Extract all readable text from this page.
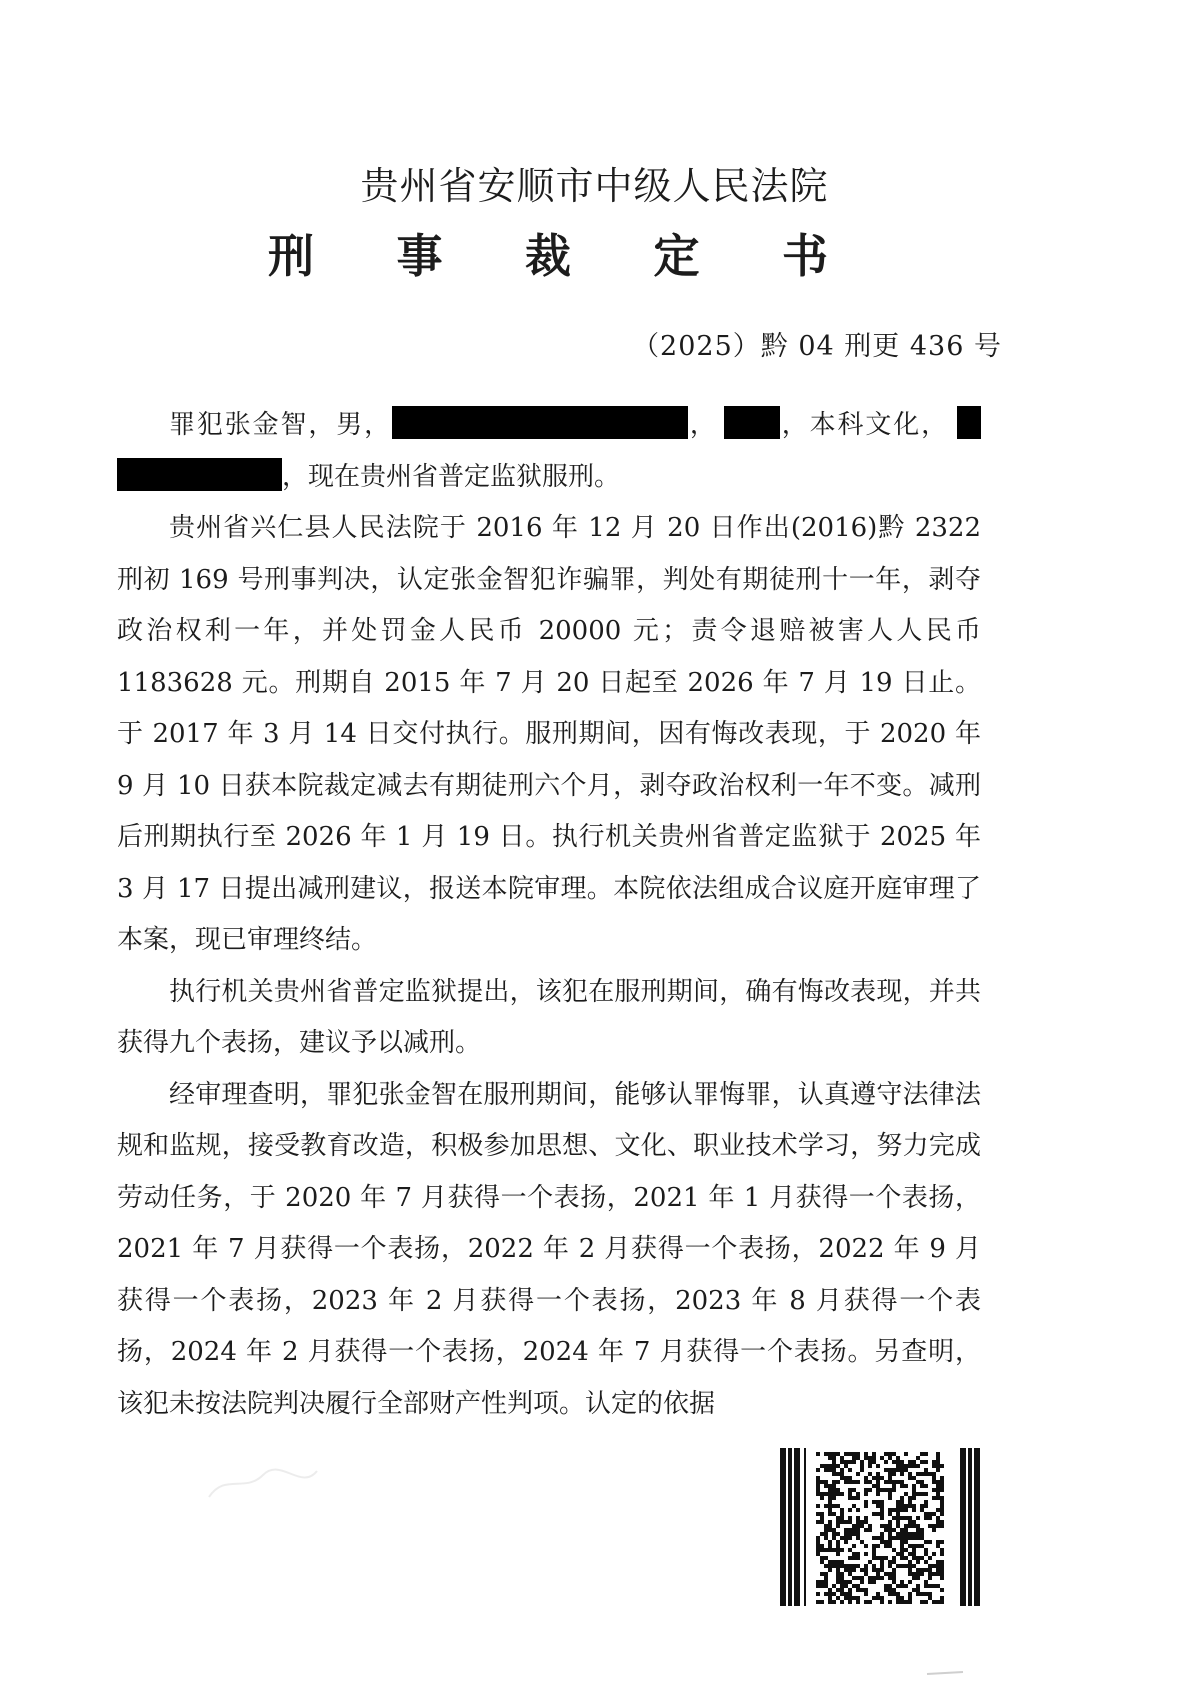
贵州省安顺市中级人民法院
刑 事 裁 定 书
（2025）黔 04 刑更 436 号

罪犯张金智，男，	， ，本科文化，，现在贵州省普定监狱服刑。

贵州省兴仁县人民法院于 2016 年 12 月 20 日作出(2016)黔 2322 刑初 169 号刑事判决，认定张金智犯诈骗罪，判处有期徒刑十一年，剥夺政治权利一年，并处罚金人民币 20000 元；责令退赔被害人人民币 1183628 元。刑期自 2015 年 7 月 20 日起至 2026 年 7 月 19 日止。于 2017 年 3 月 14 日交付执行。服刑期间，因有悔改表现，于 2020 年 9 月 10 日获本院裁定减去有期徒刑六个月，剥夺政治权利一年不变。减刑后刑期执行至 2026 年 1 月 19 日。执行机关贵州省普定监狱于 2025 年 3 月 17 日提出减刑建议，报送本院审理。本院依法组成合议庭开庭审理了本案，现已审理终结。

执行机关贵州省普定监狱提出，该犯在服刑期间，确有悔改表现，并共获得九个表扬，建议予以减刑。

经审理查明，罪犯张金智在服刑期间，能够认罪悔罪，认真遵守法律法规和监规，接受教育改造，积极参加思想、文化、职业技术学习，努力完成劳动任务，于 2020 年 7 月获得一个表扬，2021 年 1 月获得一个表扬，2021 年 7 月获得一个表扬，2022 年 2 月获得一个表扬，2022 年 9 月获得一个表扬，2023 年 2 月获得一个表扬，2023 年 8 月获得一个表扬，2024 年 2 月获得一个表扬，2024 年 7 月获得一个表扬。另查明，该犯未按法院判决履行全部财产性判项。认定的依据
